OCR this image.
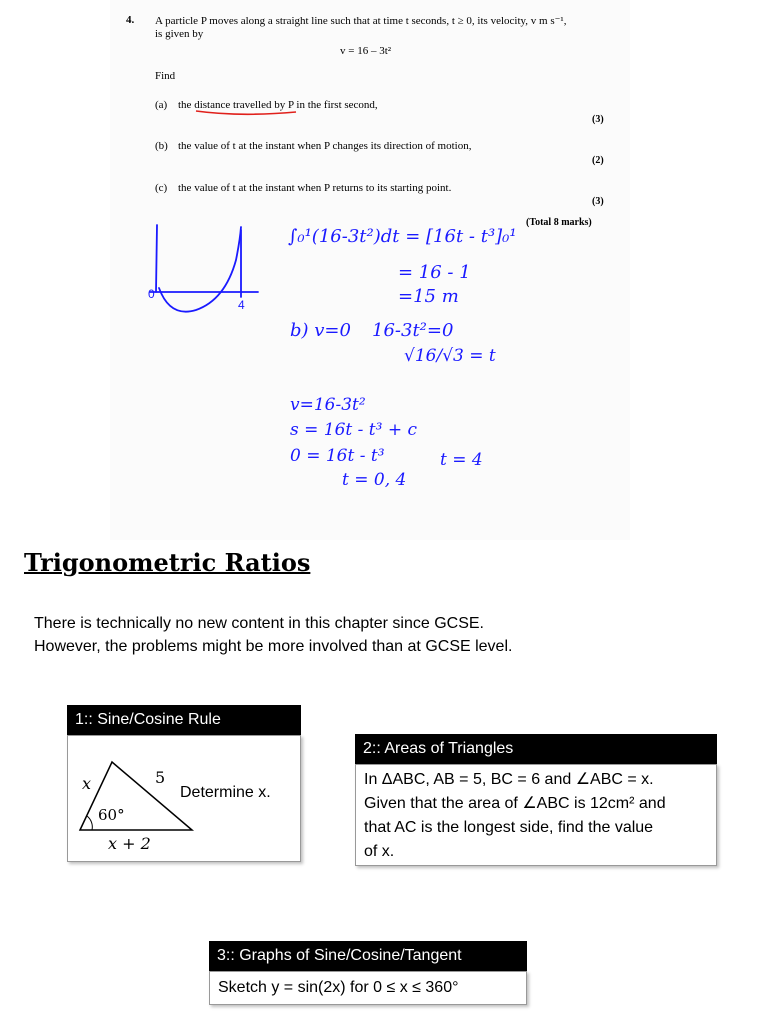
4. A particle P moves along a straight line such that at time t seconds, t ≥ 0, its velocity, v m s⁻¹,
is given by
v = 16 – 3t²
Find
(a) the distance travelled by P in the first second,
(3)
(b) the value of t at the instant when P changes its direction of motion,
(2)
(c) the value of t at the instant when P returns to its starting point.
(3)
(Total 8 marks)
0
4
∫₀¹(16-3t²)dt = [16t - t³]₀¹
= 16 - 1
=15 m
b) v=0 16-3t²=0
√16/√3 = t
v=16-3t²
s = 16t - t³ + c
0 = 16t - t³
t = 0, 4
t = 4
Trigonometric Ratios
There is technically no new content in this chapter since GCSE.
However, the problems might be more involved than at GCSE level.
1:: Sine/Cosine Rule
x	5
60°
x + 2
Determine x.
2:: Areas of Triangles

In ΔABC, AB = 5, BC = 6 and ∠ABC = x.

Given that the area of ∠ABC is 12cm² and

that AC is the longest side, find the value

of x.

3:: Graphs of Sine/Cosine/Tangent
Sketch y = sin(2x) for 0 ≤ x ≤ 360°
